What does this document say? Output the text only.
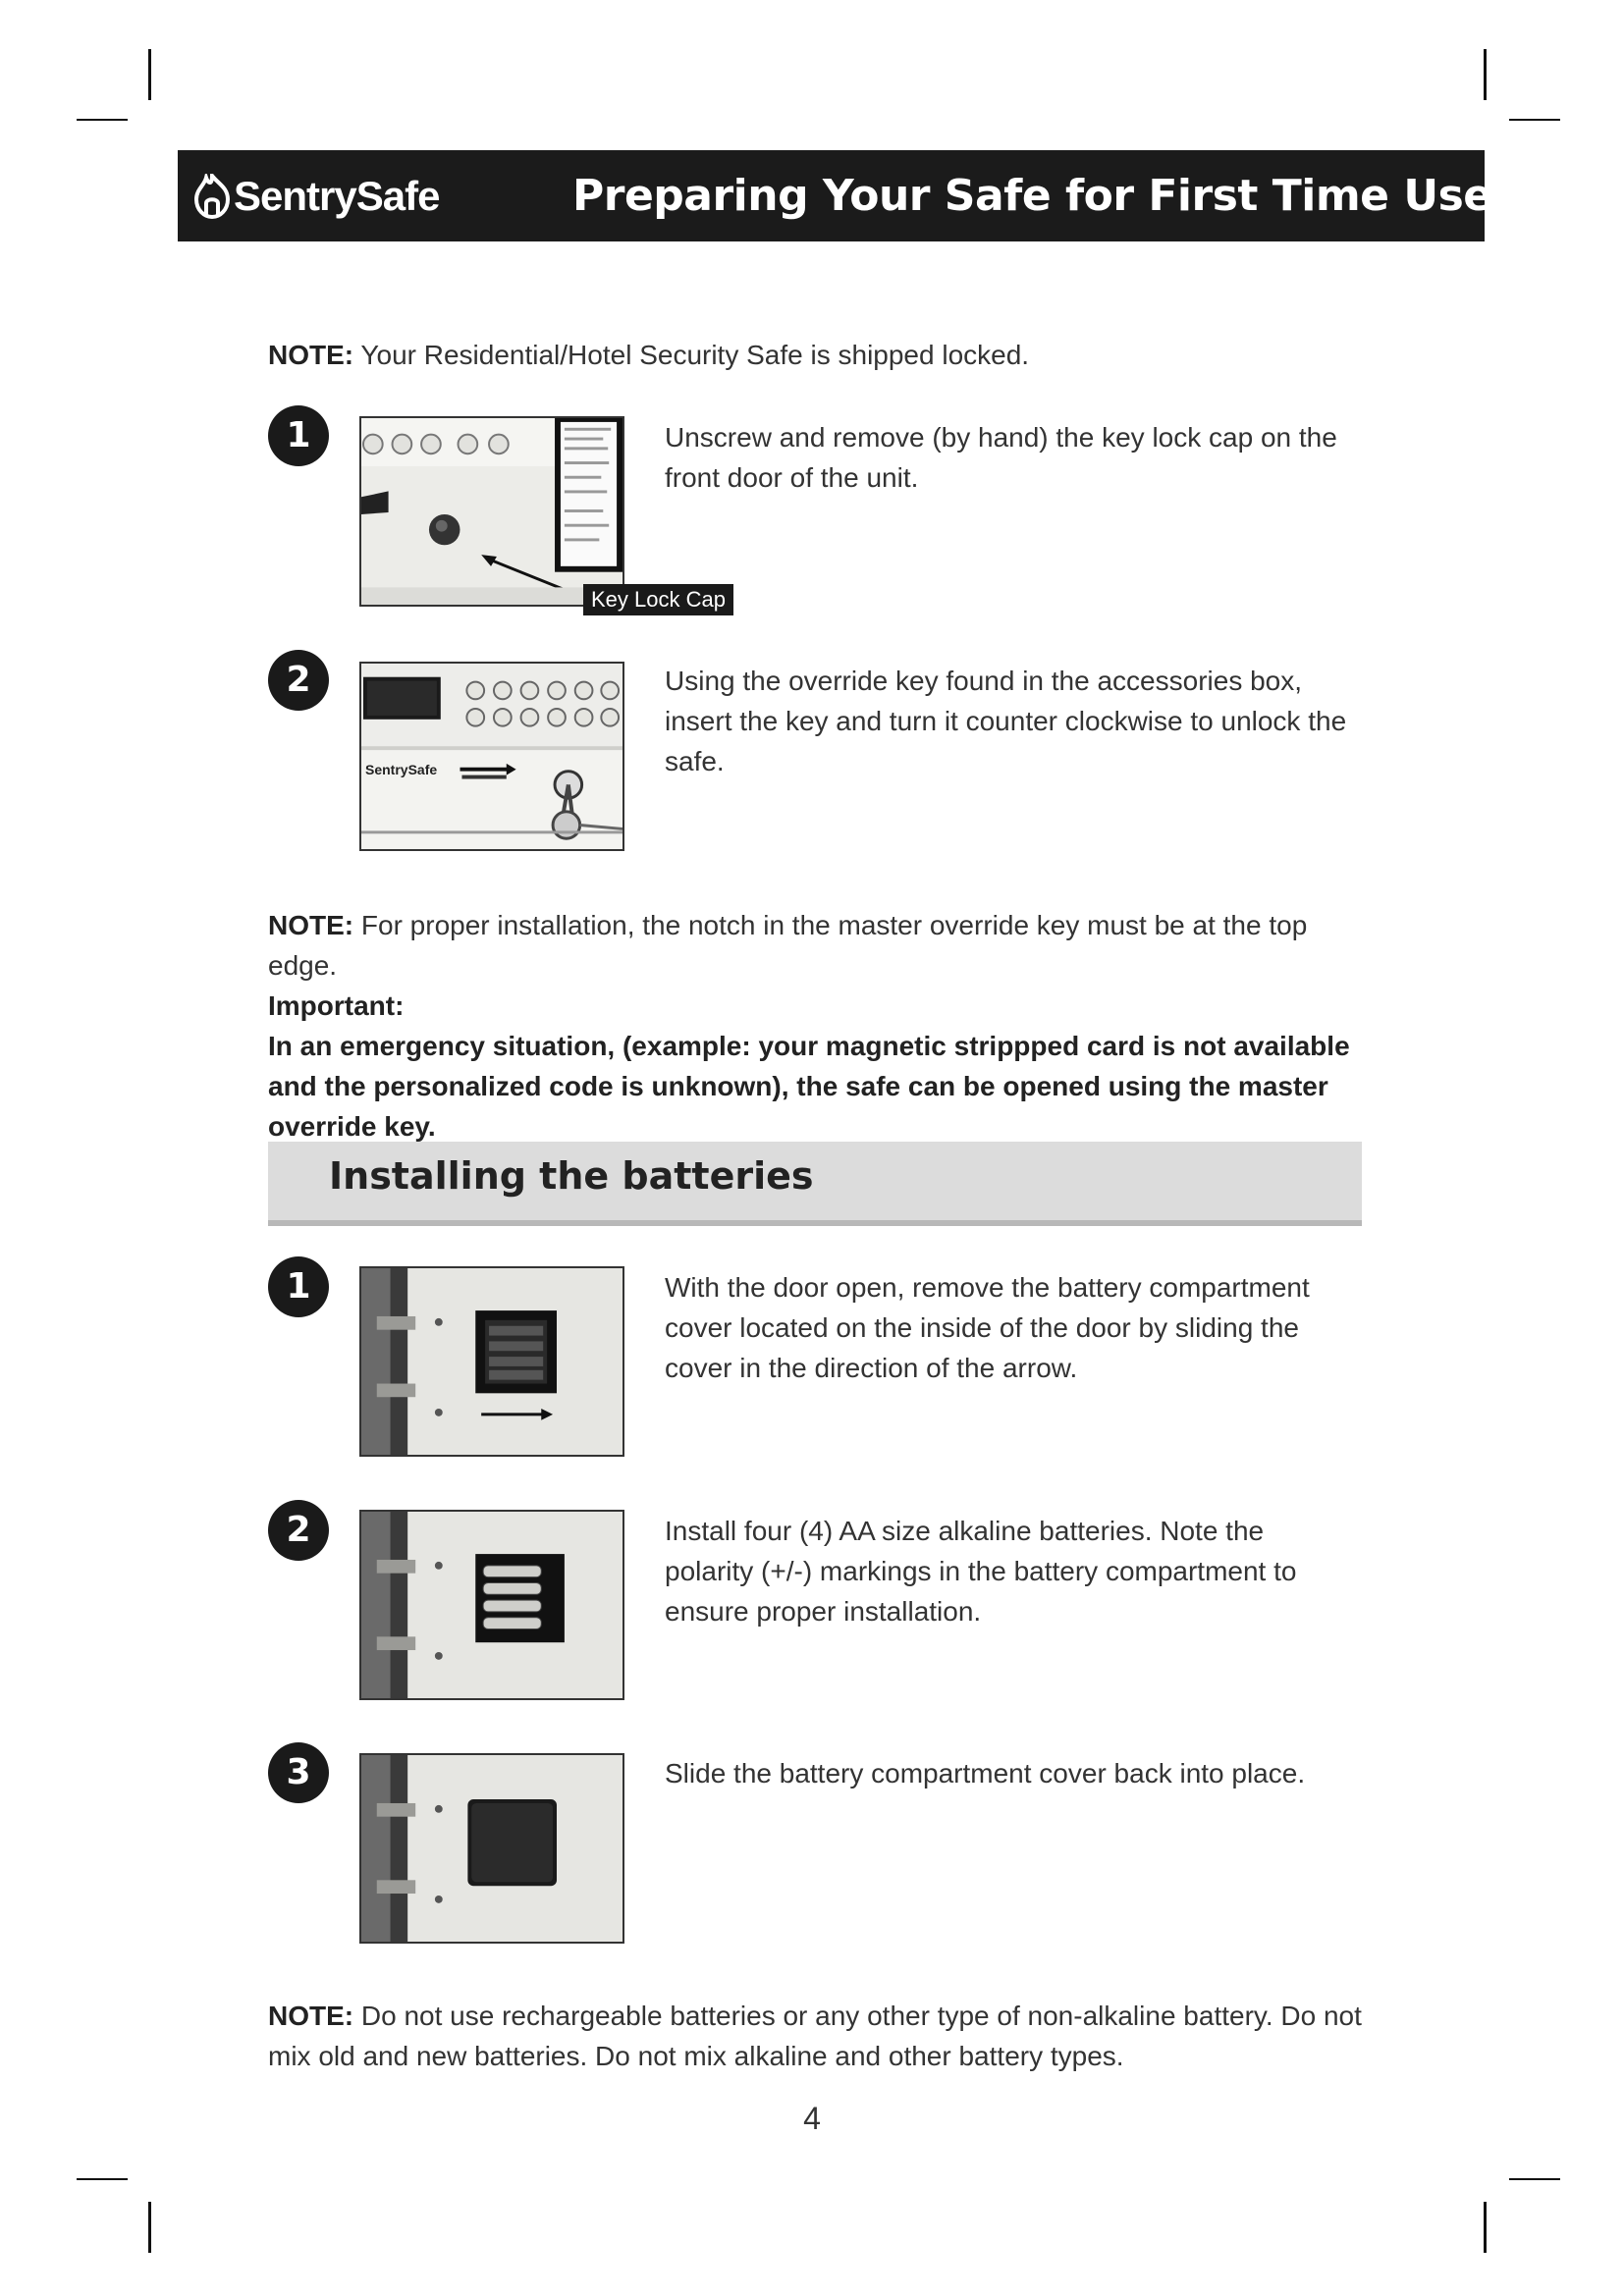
SentrySafe	Preparing Your Safe for First Time Use
NOTE: Your Residential/Hotel Security Safe is shipped locked.
1
Key Lock Cap
Unscrew and remove (by hand) the key lock cap on the front door of the unit.
2
SentrySafe
Using the override key found in the accessories box, insert the key and turn it counter clockwise to unlock the safe.
NOTE: For proper installation, the notch in the master override key must be at the top edge.
Important:
In an emergency situation, (example: your magnetic strippped card is not available and the personalized code is unknown), the safe can be opened using the master override key.
Installing the batteries
1	With the door open, remove the battery compartment cover located on the inside of the door by sliding the cover in the direction of the arrow.
2	Install four (4) AA size alkaline batteries. Note the polarity (+/-) markings in the battery compartment to ensure proper installation.
3	Slide the battery compartment cover back into place.
NOTE: Do not use rechargeable batteries or any other type of non-alkaline battery. Do not mix old and new batteries. Do not mix alkaline and other battery types.
4
